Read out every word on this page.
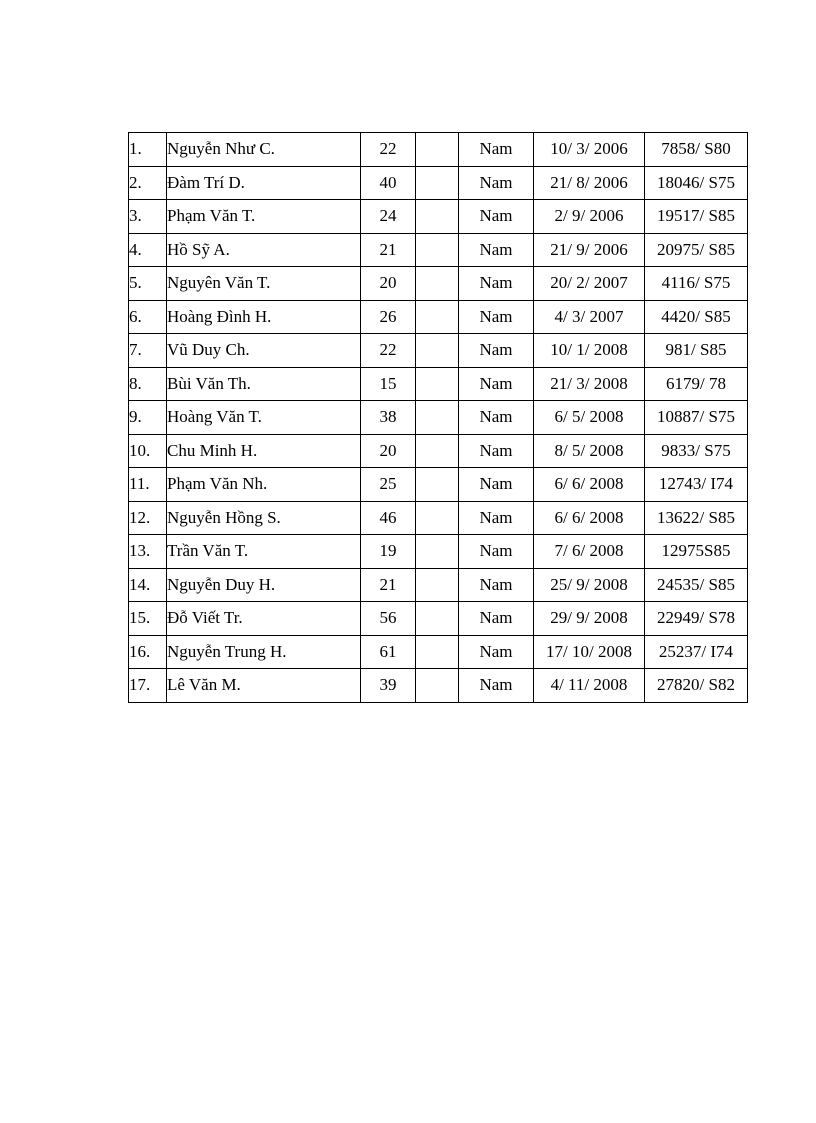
1.	Nguyễn Như C.	22		Nam	10/ 3/ 2006	7858/ S80

2.	Đàm Trí D.	40		Nam	21/ 8/ 2006	18046/ S75

3.	Phạm Văn T.	24		Nam	2/ 9/ 2006	19517/ S85

4.	Hồ Sỹ A.	21		Nam	21/ 9/ 2006	20975/ S85

5.	Nguyên Văn T.	20		Nam	20/ 2/ 2007	4116/ S75

6.	Hoàng Đình H.	26		Nam	4/ 3/ 2007	4420/ S85

7.	Vũ Duy Ch.	22		Nam	10/ 1/ 2008	981/ S85

8.	Bùi Văn Th.	15		Nam	21/ 3/ 2008	6179/ 78

9.	Hoàng Văn T.	38		Nam	6/ 5/ 2008	10887/ S75

10.	Chu Minh H.	20		Nam	8/ 5/ 2008	9833/ S75

11.	Phạm Văn Nh.	25		Nam	6/ 6/ 2008	12743/ I74

12.	Nguyễn Hồng S.	46		Nam	6/ 6/ 2008	13622/ S85

13.	Trần Văn T.	19		Nam	7/ 6/ 2008	12975S85

14.	Nguyễn Duy H.	21		Nam	25/ 9/ 2008	24535/ S85

15.	Đỗ Viết Tr.	56		Nam	29/ 9/ 2008	22949/ S78

16.	Nguyễn Trung H.	61		Nam	17/ 10/ 2008	25237/ I74

17.	Lê Văn M.	39		Nam	4/ 11/ 2008	27820/ S82
